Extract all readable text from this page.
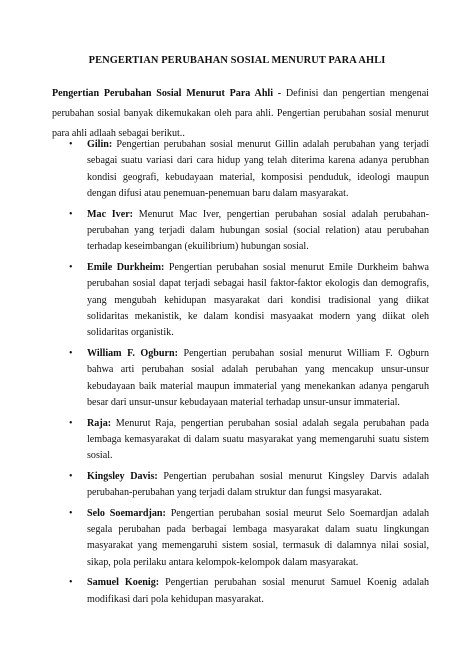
PENGERTIAN PERUBAHAN SOSIAL MENURUT PARA AHLI

Pengertian Perubahan Sosial Menurut Para Ahli - Definisi dan pengertian mengenai perubahan sosial banyak dikemukakan oleh para ahli. Pengertian perubahan sosial menurut para ahli adlaah sebagai berikut..

• Gilin: Pengertian perubahan sosial menurut Gillin adalah perubahan yang terjadi sebagai suatu variasi dari cara hidup yang telah diterima karena adanya perubhan kondisi geografi, kebudayaan material, komposisi penduduk, ideologi maupun dengan difusi atau penemuan-penemuan baru dalam masyarakat.
• Mac Iver: Menurut Mac Iver, pengertian perubahan sosial adalah perubahan-perubahan yang terjadi dalam hubungan sosial (social relation) atau perubahan terhadap keseimbangan (ekuilibrium) hubungan sosial.
• Emile Durkheim: Pengertian perubahan sosial menurut Emile Durkheim bahwa perubahan sosial dapat terjadi sebagai hasil faktor-faktor ekologis dan demografis, yang mengubah kehidupan masyarakat dari kondisi tradisional yang diikat solidaritas mekanistik, ke dalam kondisi masyaakat modern yang diikat oleh solidaritas organistik.
• William F. Ogburn: Pengertian perubahan sosial menurut William F. Ogburn bahwa arti perubahan sosial adalah perubahan yang mencakup unsur-unsur kebudayaan baik material maupun immaterial yang menekankan adanya pengaruh besar dari unsur-unsur kebudayaan material terhadap unsur-unsur immaterial.
• Raja: Menurut Raja, pengertian perubahan sosial adalah segala perubahan pada lembaga kemasyarakat di dalam suatu masyarakat yang memengaruhi suatu sistem sosial.
• Kingsley Davis: Pengertian perubahan sosial menurut Kingsley Darvis adalah perubahan-perubahan yang terjadi dalam struktur dan fungsi masyarakat.
• Selo Soemardjan: Pengertian perubahan sosial meurut Selo Soemardjan adalah segala perubahan pada berbagai lembaga masyarakat dalam suatu lingkungan masyarakat yang memengaruhi sistem sosial, termasuk di dalamnya nilai sosial, sikap, pola perilaku antara kelompok-kelompok dalam masyarakat.
• Samuel Koenig: Pengertian perubahan sosial menurut Samuel Koenig adalah modifikasi dari pola kehidupan masyarakat.
